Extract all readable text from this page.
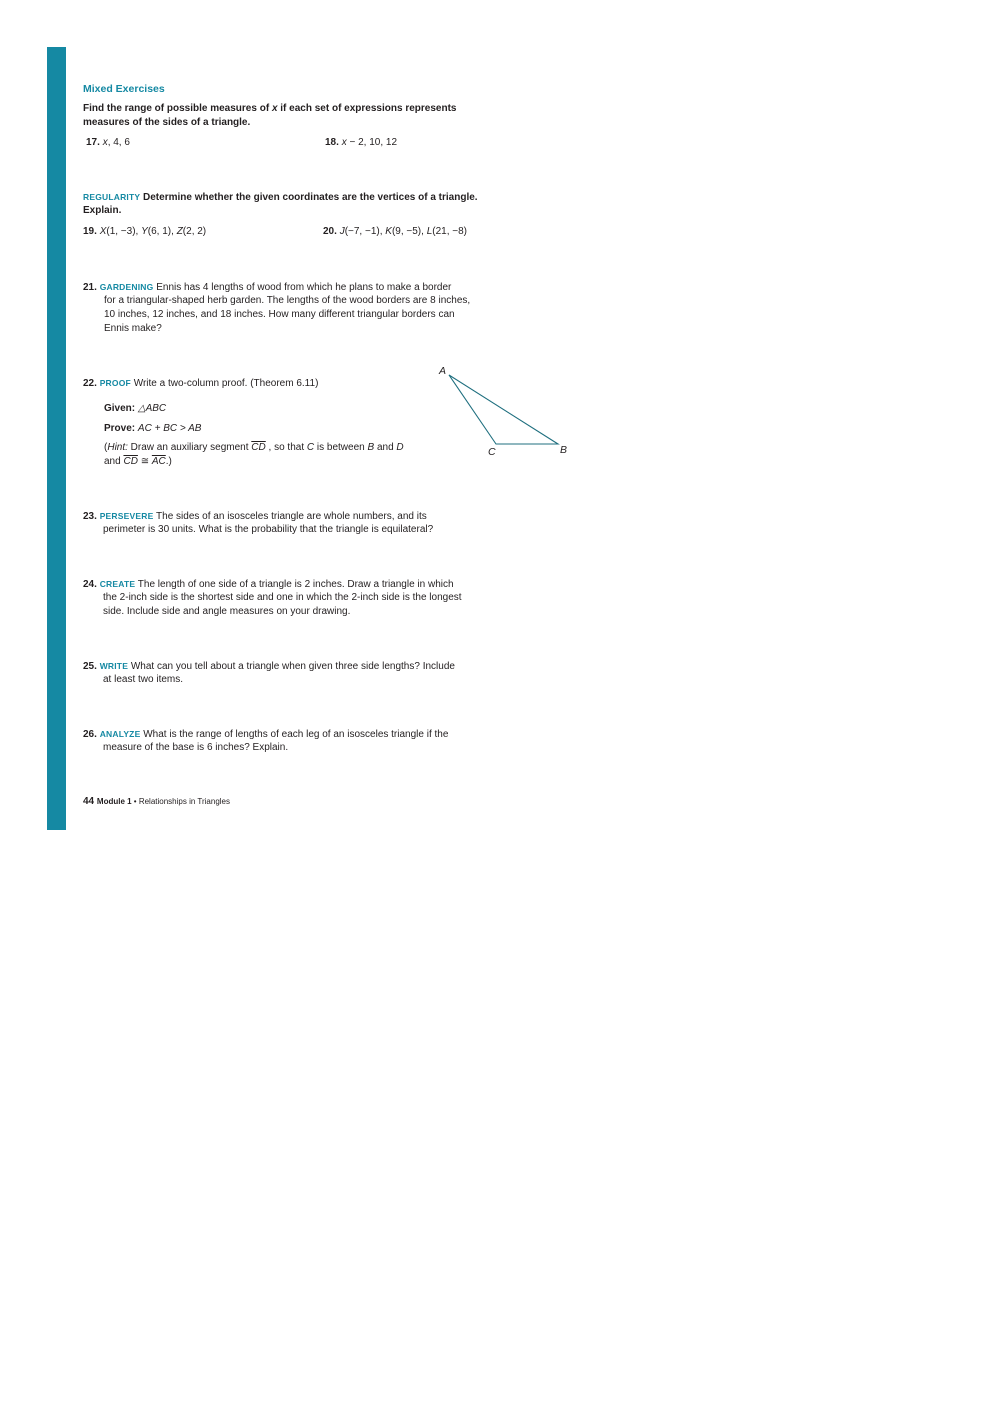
Mixed Exercises
Find the range of possible measures of x if each set of expressions represents
measures of the sides of a triangle.
17. x, 4, 6	18. x − 2, 10, 12
REGULARITY Determine whether the given coordinates are the vertices of a triangle.
Explain.
19. X(1, −3), Y(6, 1), Z(2, 2)	20. J(−7, −1), K(9, −5), L(21, −8)
21. GARDENING Ennis has 4 lengths of wood from which he plans to make a border
for a triangular-shaped herb garden. The lengths of the wood borders are 8 inches,
10 inches, 12 inches, and 18 inches. How many different triangular borders can
Ennis make?
22. PROOF Write a two-column proof. (Theorem 6.11)
Given: △ABC
Prove: AC + BC > AB
(Hint: Draw an auxiliary segment $\overline{CD}$ , so that C is between B and D
and $\overline{CD}$ ≅ $\overline{AC}$.)
A
B
C
23. PERSEVERE The sides of an isosceles triangle are whole numbers, and its
perimeter is 30 units. What is the probability that the triangle is equilateral?
24. CREATE The length of one side of a triangle is 2 inches. Draw a triangle in which
the 2-inch side is the shortest side and one in which the 2-inch side is the longest
side. Include side and angle measures on your drawing.
25. WRITE What can you tell about a triangle when given three side lengths? Include
at least two items.
26. ANALYZE What is the range of lengths of each leg of an isosceles triangle if the
measure of the base is 6 inches? Explain.
44 Module 1 • Relationships in Triangles
